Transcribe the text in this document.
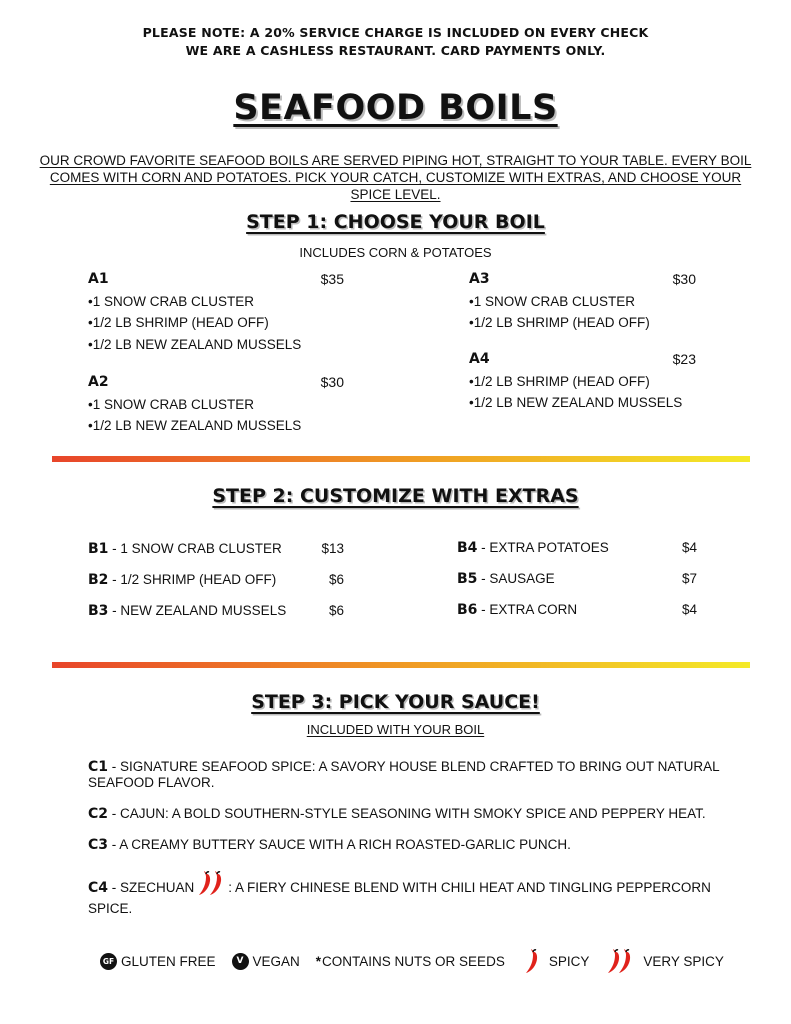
PLEASE NOTE: A 20% SERVICE CHARGE IS INCLUDED ON EVERY CHECK
WE ARE A CASHLESS RESTAURANT. CARD PAYMENTS ONLY.
SEAFOOD BOILS
OUR CROWD FAVORITE SEAFOOD BOILS ARE SERVED PIPING HOT, STRAIGHT TO YOUR TABLE. EVERY BOIL COMES WITH CORN AND POTATOES. PICK YOUR CATCH, CUSTOMIZE WITH EXTRAS, AND CHOOSE YOUR SPICE LEVEL.
STEP 1: CHOOSE YOUR BOIL
INCLUDES CORN & POTATOES
A1	$35
•1 SNOW CRAB CLUSTER
•1/2 LB SHRIMP (HEAD OFF)
•1/2 LB NEW ZEALAND MUSSELS
A2	$30
•1 SNOW CRAB CLUSTER
•1/2 LB NEW ZEALAND MUSSELS
A3	$30
•1 SNOW CRAB CLUSTER
•1/2 LB SHRIMP (HEAD OFF)
A4	$23
•1/2 LB SHRIMP (HEAD OFF)
•1/2 LB NEW ZEALAND MUSSELS
STEP 2: CUSTOMIZE WITH EXTRAS
B1 - 1 SNOW CRAB CLUSTER	$13
B2 - 1/2 SHRIMP (HEAD OFF)	$6
B3 - NEW ZEALAND MUSSELS	$6
B4 - EXTRA POTATOES	$4
B5 - SAUSAGE	$7
B6 - EXTRA CORN	$4
STEP 3: PICK YOUR SAUCE!
INCLUDED WITH YOUR BOIL
C1 - SIGNATURE SEAFOOD SPICE: A SAVORY HOUSE BLEND CRAFTED TO BRING OUT NATURAL SEAFOOD FLAVOR.
C2 - CAJUN: A BOLD SOUTHERN-STYLE SEASONING WITH SMOKY SPICE AND PEPPERY HEAT.
C3 - A CREAMY BUTTERY SAUCE WITH A RICH ROASTED-GARLIC PUNCH.
C4 - SZECHUAN	: A FIERY CHINESE BLEND WITH CHILI HEAT AND TINGLING PEPPERCORN SPICE.
GF GLUTEN FREE	V VEGAN * CONTAINS NUTS OR SEEDS	SPICY	VERY SPICY
